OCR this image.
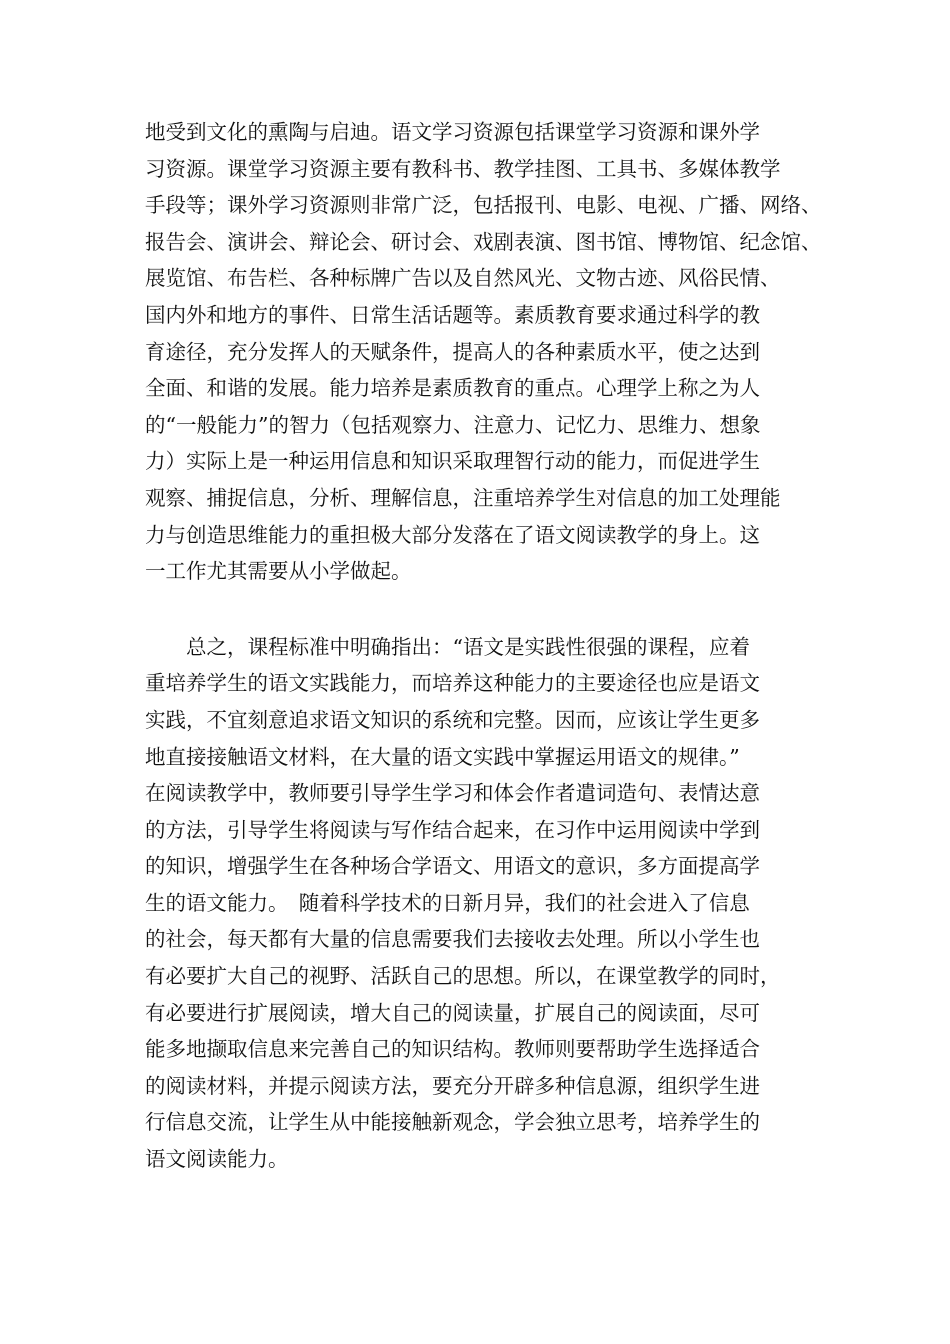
地受到文化的熏陶与启迪。语文学习资源包括课堂学习资源和课外学
习资源。课堂学习资源主要有教科书、教学挂图、工具书、多媒体教学
手段等；课外学习资源则非常广泛，包括报刊、电影、电视、广播、网络、
报告会、演讲会、辩论会、研讨会、戏剧表演、图书馆、博物馆、纪念馆、
展览馆、布告栏、各种标牌广告以及自然风光、文物古迹、风俗民情、
国内外和地方的事件、日常生活话题等。素质教育要求通过科学的教
育途径，充分发挥人的天赋条件，提高人的各种素质水平，使之达到
全面、和谐的发展。能力培养是素质教育的重点。心理学上称之为人
的“一般能力”的智力（包括观察力、注意力、记忆力、思维力、想象
力）实际上是一种运用信息和知识采取理智行动的能力，而促进学生
观察、捕捉信息，分析、理解信息，注重培养学生对信息的加工处理能
力与创造思维能力的重担极大部分发落在了语文阅读教学的身上。这
一工作尤其需要从小学做起。
　　总之，课程标准中明确指出：“语文是实践性很强的课程，应着
重培养学生的语文实践能力，而培养这种能力的主要途径也应是语文
实践，不宜刻意追求语文知识的系统和完整。因而，应该让学生更多
地直接接触语文材料，在大量的语文实践中掌握运用语文的规律。”
在阅读教学中，教师要引导学生学习和体会作者遣词造句、表情达意
的方法，引导学生将阅读与写作结合起来，在习作中运用阅读中学到
的知识，增强学生在各种场合学语文、用语文的意识，多方面提高学
生的语文能力。　随着科学技术的日新月异，我们的社会进入了信息
的社会，每天都有大量的信息需要我们去接收去处理。所以小学生也
有必要扩大自己的视野、活跃自己的思想。所以，在课堂教学的同时，
有必要进行扩展阅读，增大自己的阅读量，扩展自己的阅读面，尽可
能多地撷取信息来完善自己的知识结构。教师则要帮助学生选择适合
的阅读材料，并提示阅读方法，要充分开辟多种信息源，组织学生进
行信息交流，让学生从中能接触新观念，学会独立思考，培养学生的
语文阅读能力。
